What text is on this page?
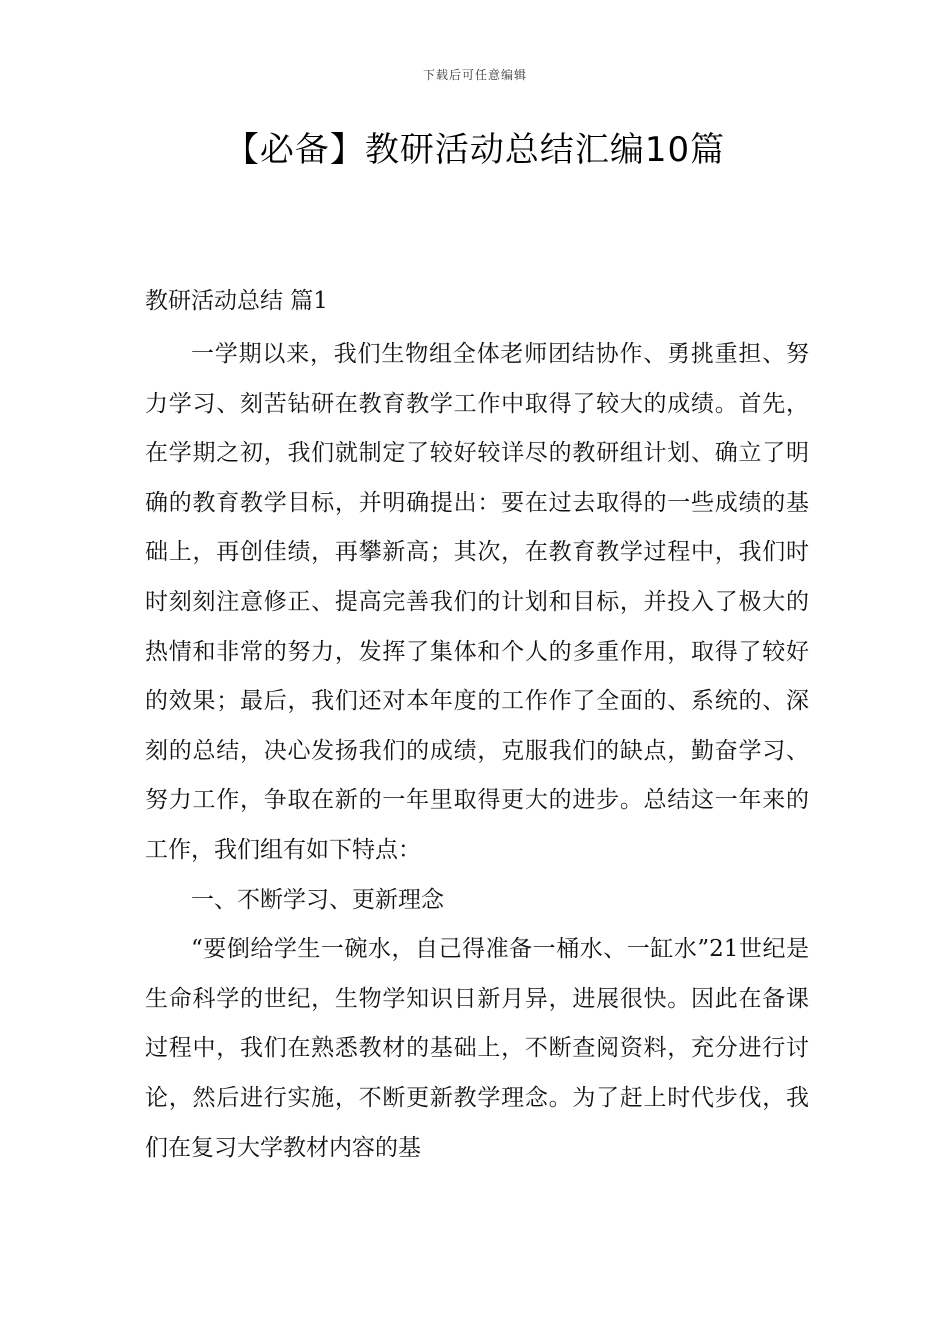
下载后可任意编辑
【必备】教研活动总结汇编10篇
教研活动总结 篇1

一学期以来，我们生物组全体老师团结协作、勇挑重担、努力学习、刻苦钻研在教育教学工作中取得了较大的成绩。首先，在学期之初，我们就制定了较好较详尽的教研组计划、确立了明确的教育教学目标，并明确提出：要在过去取得的一些成绩的基础上，再创佳绩，再攀新高；其次，在教育教学过程中，我们时时刻刻注意修正、提高完善我们的计划和目标，并投入了极大的热情和非常的努力，发挥了集体和个人的多重作用，取得了较好的效果；最后，我们还对本年度的工作作了全面的、系统的、深刻的总结，决心发扬我们的成绩，克服我们的缺点，勤奋学习、努力工作，争取在新的一年里取得更大的进步。总结这一年来的工作，我们组有如下特点：

一、不断学习、更新理念

“要倒给学生一碗水，自己得准备一桶水、一缸水”21世纪是生命科学的世纪，生物学知识日新月异，进展很快。因此在备课过程中，我们在熟悉教材的基础上，不断查阅资料，充分进行讨论，然后进行实施，不断更新教学理念。为了赶上时代步伐，我们在复习大学教材内容的基
